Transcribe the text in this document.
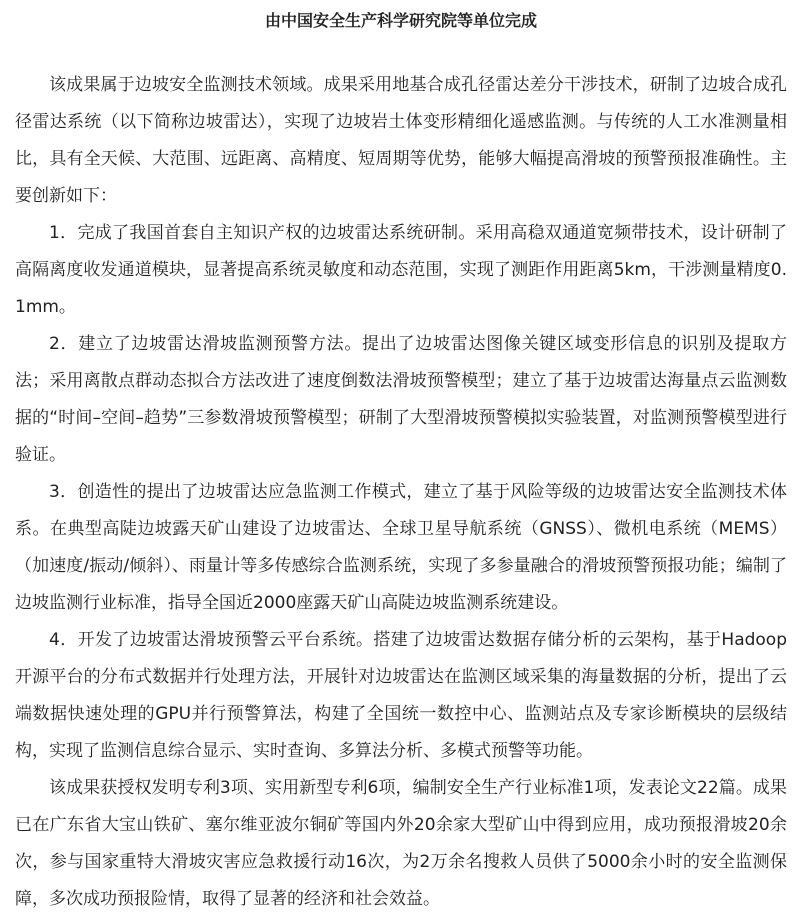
由中国安全生产科学研究院等单位完成

该成果属于边坡安全监测技术领域。成果采用地基合成孔径雷达差分干涉技术，研制了边坡合成孔径雷达系统（以下简称边坡雷达），实现了边坡岩土体变形精细化遥感监测。与传统的人工水准测量相比，具有全天候、大范围、远距离、高精度、短周期等优势，能够大幅提高滑坡的预警预报准确性。主要创新如下：

1．完成了我国首套自主知识产权的边坡雷达系统研制。采用高稳双通道宽频带技术，设计研制了高隔离度收发通道模块，显著提高系统灵敏度和动态范围，实现了测距作用距离5km，干涉测量精度0.1mm。

2．建立了边坡雷达滑坡监测预警方法。提出了边坡雷达图像关键区域变形信息的识别及提取方法；采用离散点群动态拟合方法改进了速度倒数法滑坡预警模型；建立了基于边坡雷达海量点云监测数据的“时间–空间–趋势”三参数滑坡预警模型；研制了大型滑坡预警模拟实验装置，对监测预警模型进行验证。

3．创造性的提出了边坡雷达应急监测工作模式，建立了基于风险等级的边坡雷达安全监测技术体系。在典型高陡边坡露天矿山建设了边坡雷达、全球卫星导航系统（GNSS）、微机电系统（MEMS）（加速度/振动/倾斜）、雨量计等多传感综合监测系统，实现了多参量融合的滑坡预警预报功能；编制了边坡监测行业标准，指导全国近2000座露天矿山高陡边坡监测系统建设。

4．开发了边坡雷达滑坡预警云平台系统。搭建了边坡雷达数据存储分析的云架构，基于Hadoop开源平台的分布式数据并行处理方法，开展针对边坡雷达在监测区域采集的海量数据的分析，提出了云端数据快速处理的GPU并行预警算法，构建了全国统一数控中心、监测站点及专家诊断模块的层级结构，实现了监测信息综合显示、实时查询、多算法分析、多模式预警等功能。

该成果获授权发明专利3项、实用新型专利6项，编制安全生产行业标准1项，发表论文22篇。成果已在广东省大宝山铁矿、塞尔维亚波尔铜矿等国内外20余家大型矿山中得到应用，成功预报滑坡20余次，参与国家重特大滑坡灾害应急救援行动16次，为2万余名搜救人员供了5000余小时的安全监测保障，多次成功预报险情，取得了显著的经济和社会效益。
